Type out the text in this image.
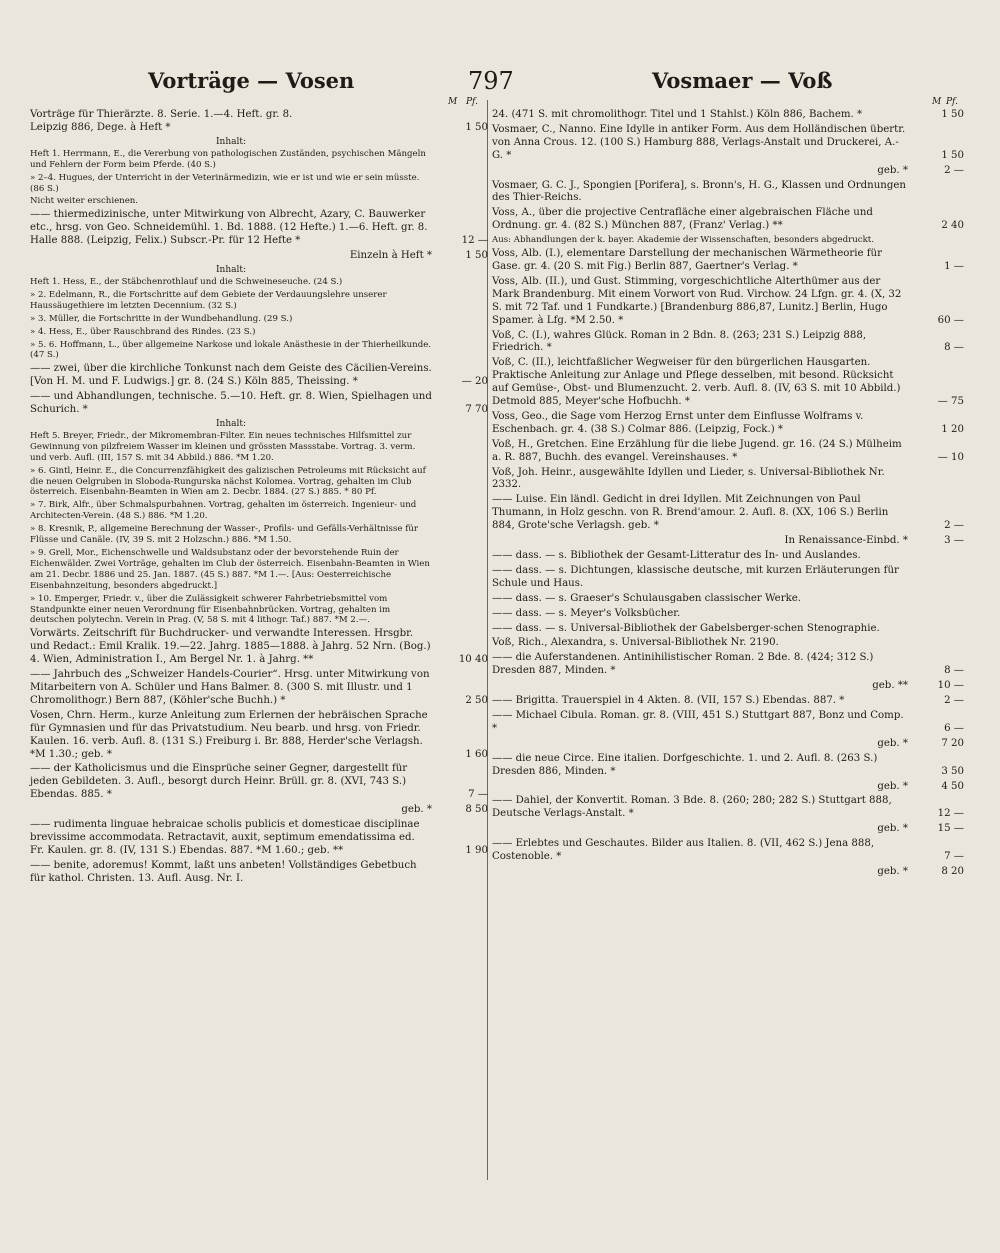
Vorträge — Vosen	797	Vosmaer — Voß
M Pf.
Vorträge für Thierärzte. 8. Serie. 1.—4. Heft. gr. 8.
Leipzig 886, Dege. à Heft *	1 50
Inhalt:
Heft 1. Herrmann, E., die Vererbung von pathologischen Zuständen, psychischen Mängeln und Fehlern der Form beim Pferde. (40 S.)
» 2–4. Hugues, der Unterricht in der Veterinärmedizin, wie er ist und wie er sein müsste. (86 S.)
Nicht weiter erschienen.
—— thiermedizinische, unter Mitwirkung von Albrecht, Azary, C. Bauwerker etc., hrsg. von Geo. Schneidemühl. 1. Bd. 1888. (12 Hefte.) 1.—6. Heft. gr. 8. Halle 888. (Leipzig, Felix.) Subscr.-Pr. für 12 Hefte *	12 —
Einzeln à Heft *	1 50
Inhalt:
Heft 1. Hess, E., der Stäbchenrothlauf und die Schweineseuche. (24 S.)
» 2. Edelmann, R., die Fortschritte auf dem Gebiete der Verdauungslehre unserer Haussäugethiere im letzten Decennium. (32 S.)
» 3. Müller, die Fortschritte in der Wundbehandlung. (29 S.)
» 4. Hess, E., über Rauschbrand des Rindes. (23 S.)
» 5. 6. Hoffmann, L., über allgemeine Narkose und lokale Anästhesie in der Thierheilkunde. (47 S.)
—— zwei, über die kirchliche Tonkunst nach dem Geiste des Cäcilien-Vereins. [Von H. M. und F. Ludwigs.] gr. 8. (24 S.) Köln 885, Theissing. *	— 20
—— und Abhandlungen, technische. 5.—10. Heft. gr. 8. Wien, Spielhagen und Schurich. *	7 70
Inhalt:
Heft 5. Breyer, Friedr., der Mikromembran-Filter. Ein neues technisches Hilfsmittel zur Gewinnung von pilzfreiem Wasser im kleinen und grössten Massstabe. Vortrag. 3. verm. und verb. Aufl. (III, 157 S. mit 34 Abbild.) 886. *M 1.20.
» 6. Gintl, Heinr. E., die Concurrenzfähigkeit des galizischen Petroleums mit Rücksicht auf die neuen Oelgruben in Sloboda-Rungurska nächst Kolomea. Vortrag, gehalten im Club österreich. Eisenbahn-Beamten in Wien am 2. Decbr. 1884. (27 S.) 885. * 80 Pf.
» 7. Birk, Alfr., über Schmalspurbahnen. Vortrag, gehalten im österreich. Ingenieur- und Architecten-Verein. (48 S.) 886. *M 1.20.
» 8. Kresnik, P., allgemeine Berechnung der Wasser-, Profils- und Gefälls-Verhältnisse für Flüsse und Canäle. (IV, 39 S. mit 2 Holzschn.) 886. *M 1.50.
» 9. Grell, Mor., Eichenschwelle und Waldsubstanz oder der bevorstehende Ruin der Eichenwälder. Zwei Vorträge, gehalten im Club der österreich. Eisenbahn-Beamten in Wien am 21. Decbr. 1886 und 25. Jan. 1887. (45 S.) 887. *M 1.—. [Aus: Oesterreichische Eisenbahnzeitung, besonders abgedruckt.]
» 10. Emperger, Friedr. v., über die Zulässigkeit schwerer Fahrbetriebsmittel vom Standpunkte einer neuen Verordnung für Eisenbahnbrücken. Vortrag, gehalten im deutschen polytechn. Verein in Prag. (V, 58 S. mit 4 lithogr. Taf.) 887. *M 2.—.
Vorwärts. Zeitschrift für Buchdrucker- und verwandte Interessen. Hrsgbr. und Redact.: Emil Kralik. 19.—22. Jahrg. 1885—1888. à Jahrg. 52 Nrn. (Bog.) 4. Wien, Administration I., Am Bergel Nr. 1. à Jahrg. **	10 40
—— Jahrbuch des „Schweizer Handels-Courier“. Hrsg. unter Mitwirkung von Mitarbeitern von A. Schüler und Hans Balmer. 8. (300 S. mit Illustr. und 1 Chromolithogr.) Bern 887, (Köhler'sche Buchh.) *	2 50
Vosen, Chrn. Herm., kurze Anleitung zum Erlernen der hebräischen Sprache für Gymnasien und für das Privatstudium. Neu bearb. und hrsg. von Friedr. Kaulen. 16. verb. Aufl. 8. (131 S.) Freiburg i. Br. 888, Herder'sche Verlagsh. *M 1.30.; geb. *	1 60
—— der Katholicismus und die Einsprüche seiner Gegner, dargestellt für jeden Gebildeten. 3. Aufl., besorgt durch Heinr. Brüll. gr. 8. (XVI, 743 S.) Ebendas. 885. *	7 —
geb. *	8 50
—— rudimenta linguae hebraicae scholis publicis et domesticae disciplinae brevissime accommodata. Retractavit, auxit, septimum emendatissima ed. Fr. Kaulen. gr. 8. (IV, 131 S.) Ebendas. 887. *M 1.60.; geb. **	1 90
—— benite, adoremus! Kommt, laßt uns anbeten! Vollständiges Gebetbuch für kathol. Christen. 13. Aufl. Ausg. Nr. I.
M Pf.
24. (471 S. mit chromolithogr. Titel und 1 Stahlst.) Köln 886, Bachem. *	1 50
Vosmaer, C., Nanno. Eine Idylle in antiker Form. Aus dem Holländischen übertr. von Anna Crous. 12. (100 S.) Hamburg 888, Verlags-Anstalt und Druckerei, A.-G. *	1 50
geb. *	2 —
Vosmaer, G. C. J., Spongien [Porifera], s. Bronn's, H. G., Klassen und Ordnungen des Thier-Reichs.
Voss, A., über die projective Centrafläche einer algebraischen Fläche und Ordnung. gr. 4. (82 S.) München 887, (Franz' Verlag.) **	2 40
Aus: Abhandlungen der k. bayer. Akademie der Wissenschaften, besonders abgedruckt.
Voss, Alb. (I.), elementare Darstellung der mechanischen Wärmetheorie für Gase. gr. 4. (20 S. mit Fig.) Berlin 887, Gaertner's Verlag. *	1 —
Voss, Alb. (II.), und Gust. Stimming, vorgeschichtliche Alterthümer aus der Mark Brandenburg. Mit einem Vorwort von Rud. Virchow. 24 Lfgn. gr. 4. (X, 32 S. mit 72 Taf. und 1 Fundkarte.) [Brandenburg 886,87, Lunitz.] Berlin, Hugo Spamer. à Lfg. *M 2.50. *	60 —
Voß, C. (I.), wahres Glück. Roman in 2 Bdn. 8. (263; 231 S.) Leipzig 888, Friedrich. *	8 —
Voß, C. (II.), leichtfaßlicher Wegweiser für den bürgerlichen Hausgarten. Praktische Anleitung zur Anlage und Pflege desselben, mit besond. Rücksicht auf Gemüse-, Obst- und Blumenzucht. 2. verb. Aufl. 8. (IV, 63 S. mit 10 Abbild.) Detmold 885, Meyer'sche Hofbuchh. *	— 75
Voss, Geo., die Sage vom Herzog Ernst unter dem Einflusse Wolframs v. Eschenbach. gr. 4. (38 S.) Colmar 886. (Leipzig, Fock.) *	1 20
Voß, H., Gretchen. Eine Erzählung für die liebe Jugend. gr. 16. (24 S.) Mülheim a. R. 887, Buchh. des evangel. Vereinshauses. *	— 10
Voß, Joh. Heinr., ausgewählte Idyllen und Lieder, s. Universal-Bibliothek Nr. 2332.
—— Luise. Ein ländl. Gedicht in drei Idyllen. Mit Zeichnungen von Paul Thumann, in Holz geschn. von R. Brend'amour. 2. Aufl. 8. (XX, 106 S.) Berlin 884, Grote'sche Verlagsh. geb. *	2 —
In Renaissance-Einbd. *	3 —
—— dass. — s. Bibliothek der Gesamt-Litteratur des In- und Auslandes.
—— dass. — s. Dichtungen, klassische deutsche, mit kurzen Erläuterungen für Schule und Haus.
—— dass. — s. Graeser's Schulausgaben classischer Werke.
—— dass. — s. Meyer's Volksbücher.
—— dass. — s. Universal-Bibliothek der Gabelsberger-schen Stenographie.
Voß, Rich., Alexandra, s. Universal-Bibliothek Nr. 2190.
—— die Auferstandenen. Antinihilistischer Roman. 2 Bde. 8. (424; 312 S.) Dresden 887, Minden. *	8 —
geb. **	10 —
—— Brigitta. Trauerspiel in 4 Akten. 8. (VII, 157 S.) Ebendas. 887. *	2 —
—— Michael Cibula. Roman. gr. 8. (VIII, 451 S.) Stuttgart 887, Bonz und Comp. *	6 —
geb. *	7 20
—— die neue Circe. Eine italien. Dorfgeschichte. 1. und 2. Aufl. 8. (263 S.) Dresden 886, Minden. *	3 50
geb. *	4 50
—— Dahiel, der Konvertit. Roman. 3 Bde. 8. (260; 280; 282 S.) Stuttgart 888, Deutsche Verlags-Anstalt. *	12 —
geb. *	15 —
—— Erlebtes und Geschautes. Bilder aus Italien. 8. (VII, 462 S.) Jena 888, Costenoble. *	7 —
geb. *	8 20
